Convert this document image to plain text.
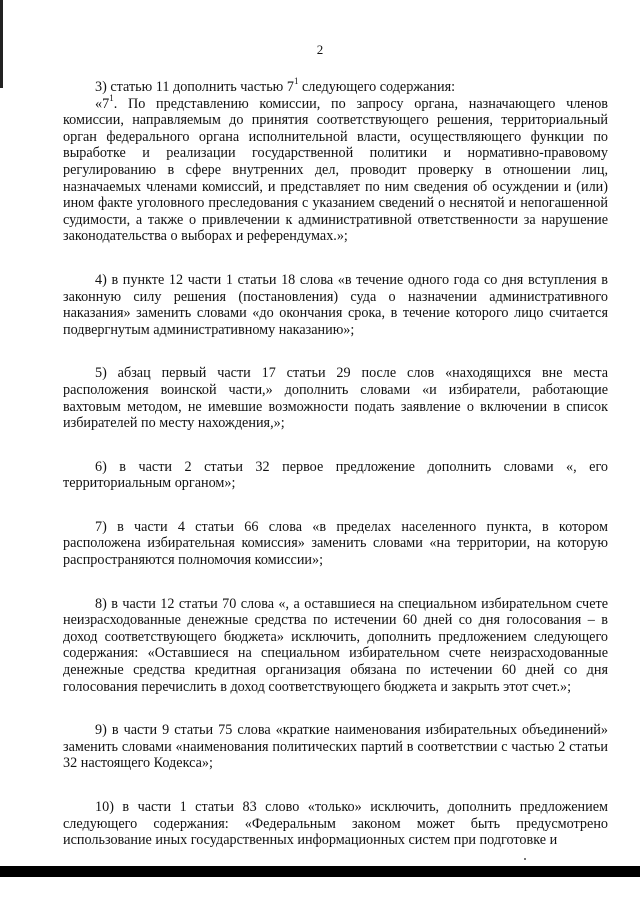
2

3) статью 11 дополнить частью $7^1$ следующего содержания:
«$7^1$. По представлению комиссии, по запросу органа, назначающего членов комиссии, направляемым до принятия соответствующего решения, территориальный орган федерального органа исполнительной власти, осуществляющего функции по выработке и реализации государственной политики и нормативно-правовому регулированию в сфере внутренних дел, проводит проверку в отношении лиц, назначаемых членами комиссий, и представляет по ним сведения об осуждении и (или) ином факте уголовного преследования с указанием сведений о неснятой и непогашенной судимости, а также о привлечении к административной ответственности за нарушение законодательства о выборах и референдумах.»;

4) в пункте 12 части 1 статьи 18 слова «в течение одного года со дня вступления в законную силу решения (постановления) суда о назначении административного наказания» заменить словами «до окончания срока, в течение которого лицо считается подвергнутым административному наказанию»;

5) абзац первый части 17 статьи 29 после слов «находящихся вне места расположения воинской части,» дополнить словами «и избиратели, работающие вахтовым методом, не имевшие возможности подать заявление о включении в список избирателей по месту нахождения,»;

6) в части 2 статьи 32 первое предложение дополнить словами «, его территориальным органом»;

7) в части 4 статьи 66 слова «в пределах населенного пункта, в котором расположена избирательная комиссия» заменить словами «на территории, на которую распространяются полномочия комиссии»;

8) в части 12 статьи 70 слова «, а оставшиеся на специальном избирательном счете неизрасходованные денежные средства по истечении 60 дней со дня голосования – в доход соответствующего бюджета» исключить, дополнить предложением следующего содержания: «Оставшиеся на специальном избирательном счете неизрасходованные денежные средства кредитная организация обязана по истечении 60 дней со дня голосования перечислить в доход соответствующего бюджета и закрыть этот счет.»;

9) в части 9 статьи 75 слова «краткие наименования избирательных объединений» заменить словами «наименования политических партий в соответствии с частью 2 статьи 32 настоящего Кодекса»;

10) в части 1 статьи 83 слово «только» исключить, дополнить предложением следующего содержания: «Федеральным законом может быть предусмотрено использование иных государственных информационных систем при подготовке и
